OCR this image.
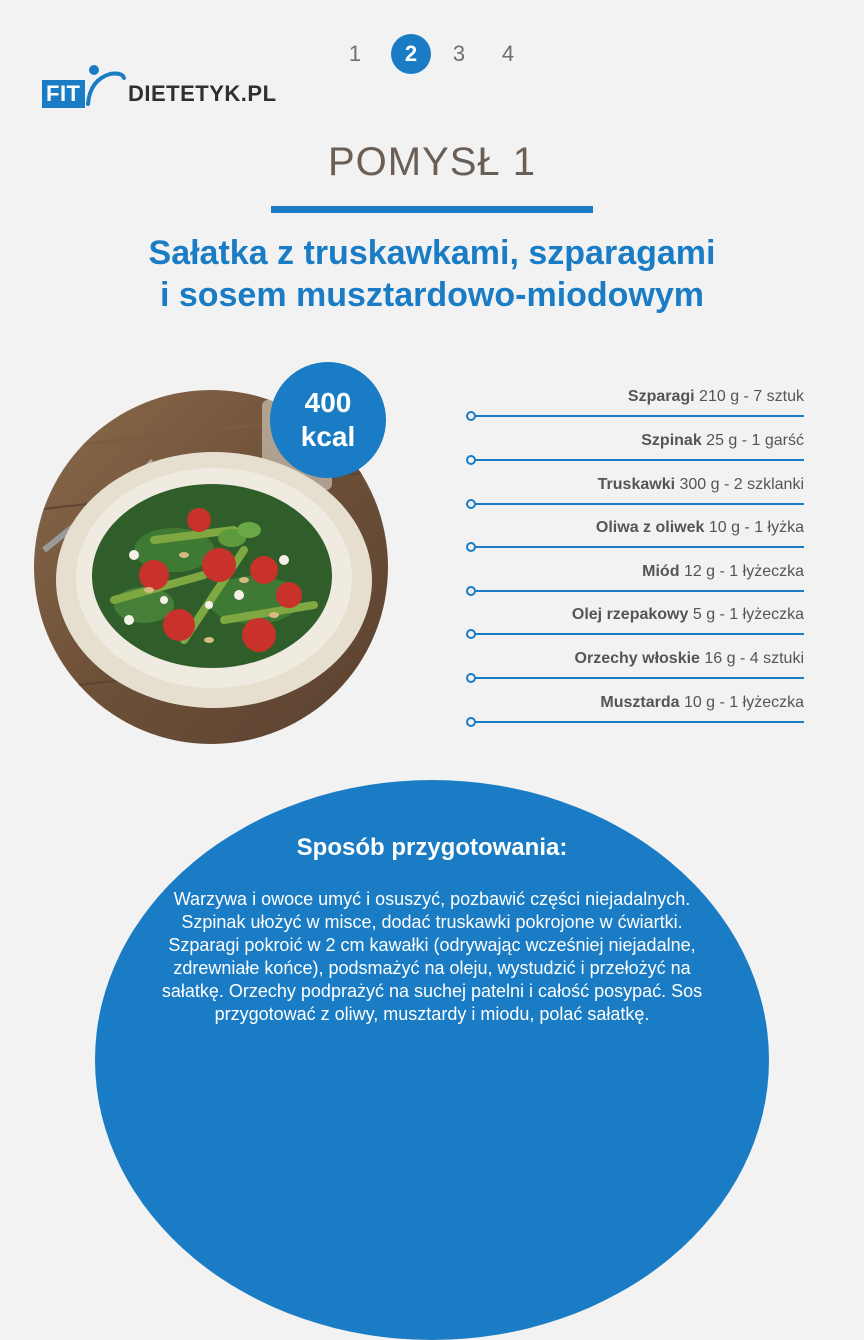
1	2	3	4
FIT DIETETYK.PL
POMYSŁ 1
Sałatka z truskawkami, szparagami
i sosem musztardowo-miodowym
400
kcal
Szparagi 210 g - 7 sztuk
Szpinak 25 g - 1 garść
Truskawki 300 g - 2 szklanki
Oliwa z oliwek 10 g - 1 łyżka
Miód 12 g - 1 łyżeczka
Olej rzepakowy 5 g - 1 łyżeczka
Orzechy włoskie 16 g - 4 sztuki
Musztarda 10 g - 1 łyżeczka
Sposób przygotowania:
Warzywa i owoce umyć i osuszyć, pozbawić części niejadalnych. Szpinak ułożyć w misce, dodać truskawki pokrojone w ćwiartki. Szparagi pokroić w 2 cm kawałki (odrywając wcześniej niejadalne, zdrewniałe końce), podsmażyć na oleju, wystudzić i przełożyć na sałatkę. Orzechy podprażyć na suchej patelni i całość posypać. Sos przygotować z oliwy, musztardy i miodu, polać sałatkę.
